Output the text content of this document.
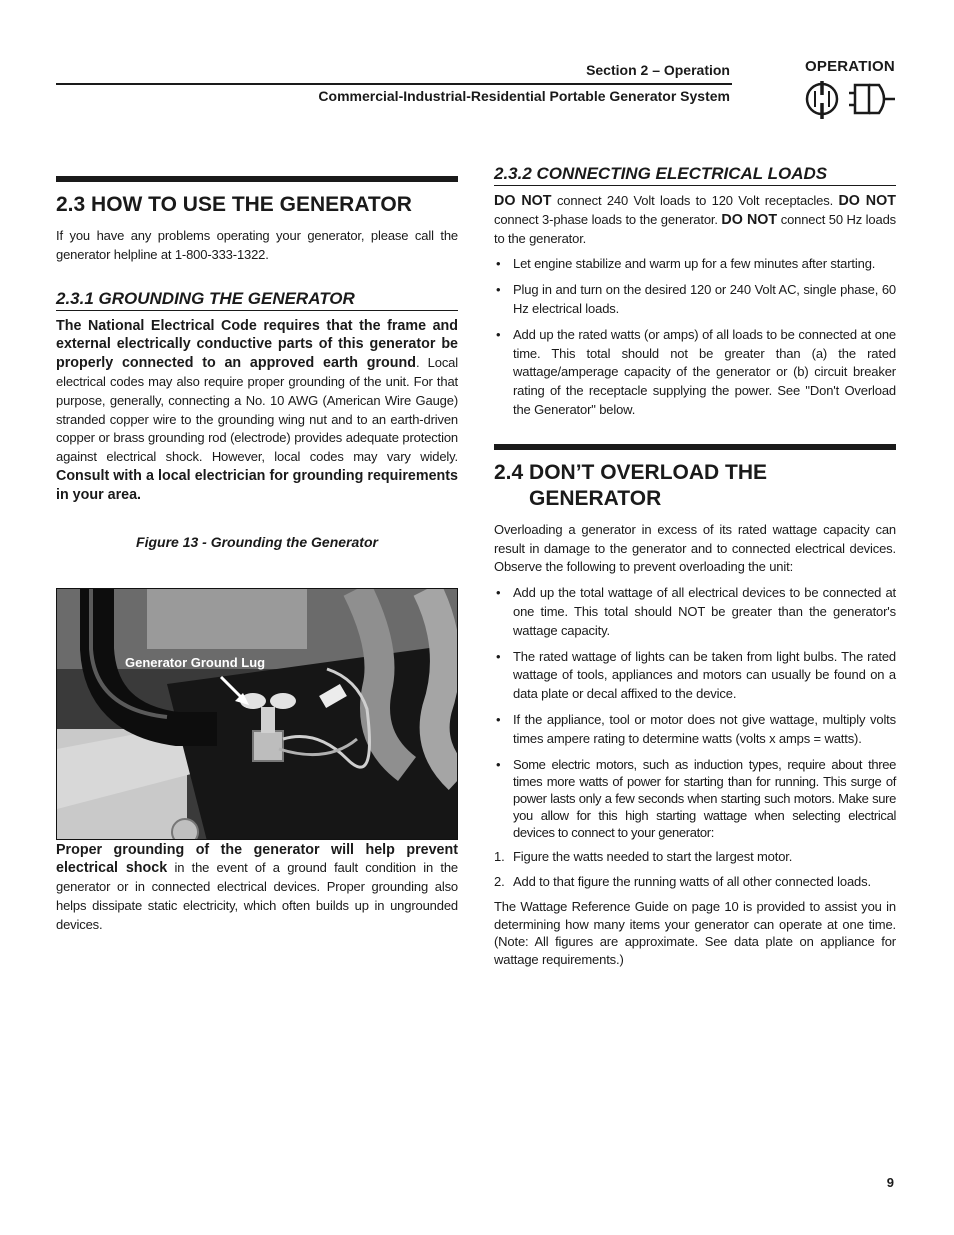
Section 2 – Operation
Commercial-Industrial-Residential Portable Generator System
OPERATION
2.3 HOW TO USE THE GENERATOR

If you have any problems operating your generator, please call the generator helpline at 1-800-333-1322.

2.3.1 GROUNDING THE GENERATOR

The National Electrical Code requires that the frame and external electrically conductive parts of this generator be properly connected to an approved earth ground. Local electrical codes may also require proper grounding of the unit. For that purpose, generally, connecting a No. 10 AWG (American Wire Gauge) stranded copper wire to the grounding wing nut and to an earth-driven copper or brass grounding rod (electrode) provides adequate protection against electrical shock. However, local codes may vary widely. Consult with a local electrician for grounding requirements in your area.

Figure 13 - Grounding the Generator
Generator Ground Lug

Proper grounding of the generator will help prevent electrical shock in the event of a ground fault condition in the generator or in connected electrical devices. Proper grounding also helps dissipate static electricity, which often builds up in ungrounded devices.

2.3.2 CONNECTING ELECTRICAL LOADS

DO NOT connect 240 Volt loads to 120 Volt receptacles. DO NOT connect 3-phase loads to the generator. DO NOT connect 50 Hz loads to the generator.

• Let engine stabilize and warm up for a few minutes after starting.
• Plug in and turn on the desired 120 or 240 Volt AC, single phase, 60 Hz electrical loads.
• Add up the rated watts (or amps) of all loads to be connected at one time. This total should not be greater than (a) the rated wattage/amperage capacity of the generator or (b) circuit breaker rating of the receptacle supplying the power. See "Don't Overload the Generator" below.
2.4 DON’T OVERLOAD THE GENERATOR

Overloading a generator in excess of its rated wattage capacity can result in damage to the generator and to connected electrical devices. Observe the following to prevent overloading the unit:

• Add up the total wattage of all electrical devices to be connected at one time. This total should NOT be greater than the generator's wattage capacity.
• The rated wattage of lights can be taken from light bulbs. The rated wattage of tools, appliances and motors can usually be found on a data plate or decal affixed to the device.
• If the appliance, tool or motor does not give wattage, multiply volts times ampere rating to determine watts (volts x amps = watts).
• Some electric motors, such as induction types, require about three times more watts of power for starting than for running. This surge of power lasts only a few seconds when starting such motors. Make sure you allow for this high starting wattage when selecting electrical devices to connect to your generator:
1. Figure the watts needed to start the largest motor.
2. Add to that figure the running watts of all other connected loads.

The Wattage Reference Guide on page 10 is provided to assist you in determining how many items your generator can operate at one time. (Note: All figures are approximate. See data plate on appliance for wattage requirements.)

9
